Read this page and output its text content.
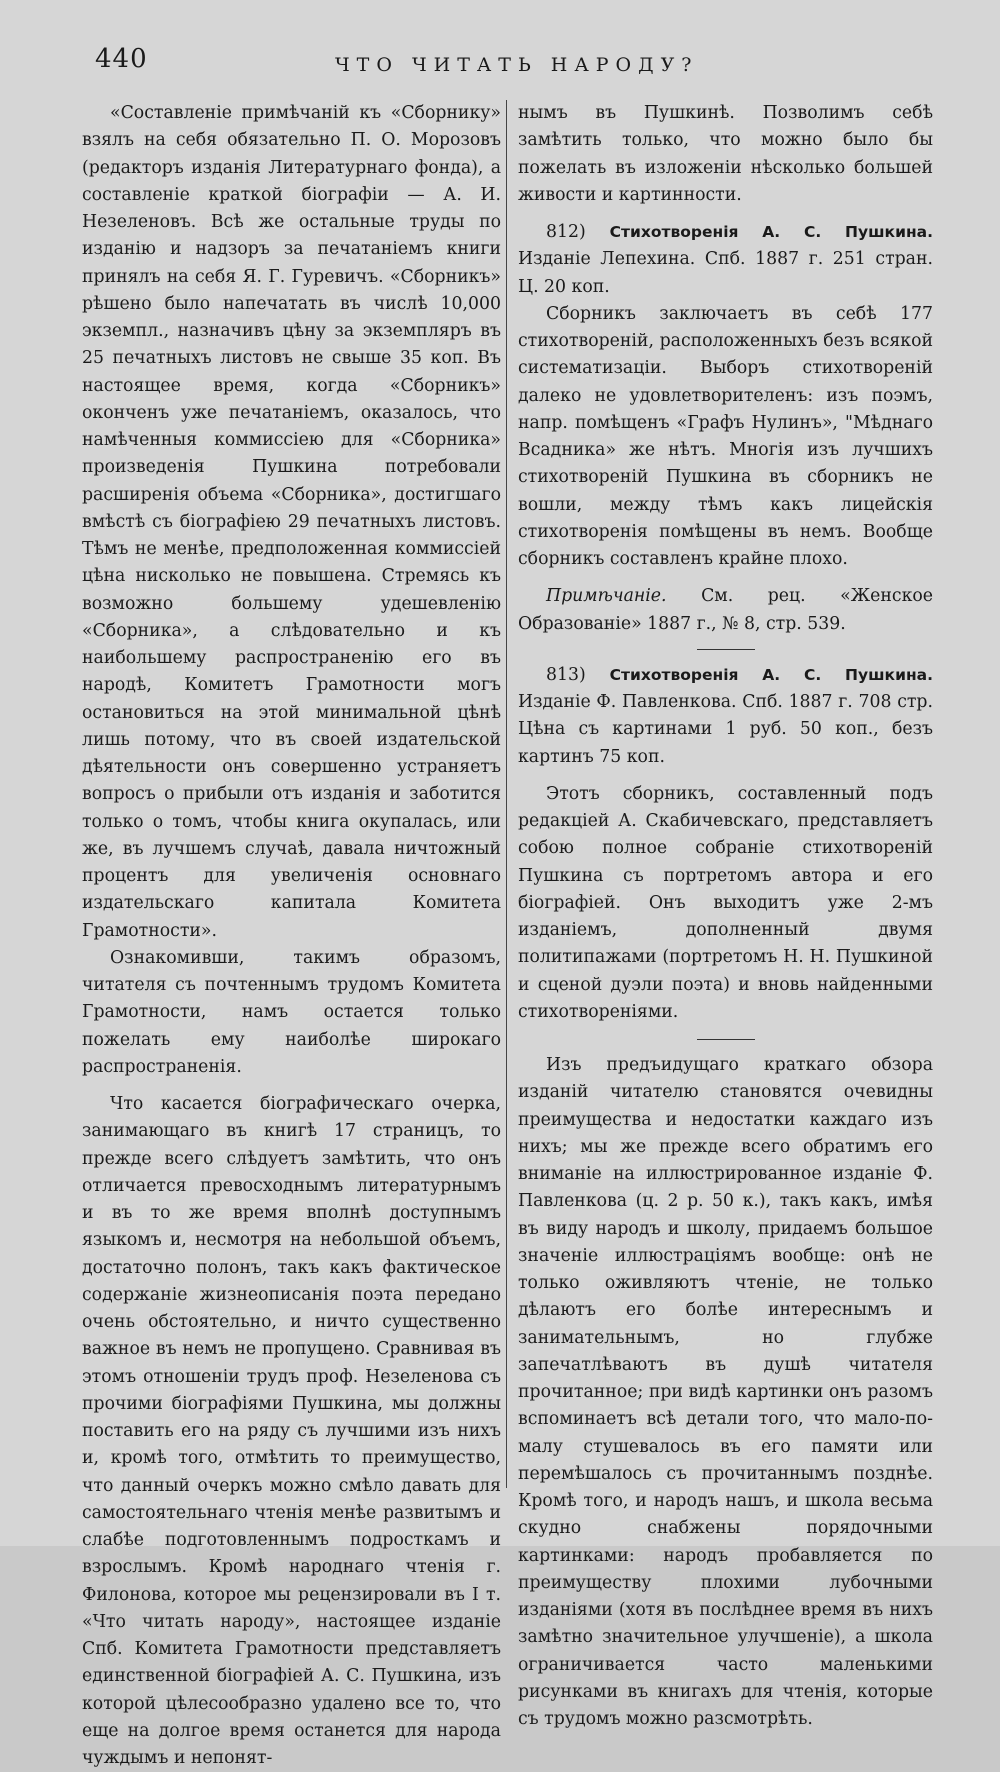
440	ЧТО ЧИТАТЬ НАРОДУ?

«Составленіе примѣчаній къ «Сборнику» взялъ на себя обязательно П. О. Морозовъ (редакторъ изданія Литературнаго фонда), а составленіе краткой біографіи — А. И. Незеленовъ. Всѣ же остальные труды по изданію и надзоръ за печатаніемъ книги принялъ на себя Я. Г. Гуревичъ. «Сборникъ» рѣшено было напечатать въ числѣ 10,000 экземпл., назначивъ цѣну за экземпляръ въ 25 печатныхъ листовъ не свыше 35 коп. Въ настоящее время, когда «Сборникъ» оконченъ уже печатаніемъ, оказалось, что намѣченныя коммиссіею для «Сборника» произведенія Пушкина потребовали расширенія объема «Сборника», достигшаго вмѣстѣ съ біографіею 29 печатныхъ листовъ. Тѣмъ не менѣе, предположенная коммиссіей цѣна нисколько не повышена. Стремясь къ возможно большему удешевленію «Сборника», а слѣдовательно и къ наибольшему распространенію его въ народѣ, Комитетъ Грамотности могъ остановиться на этой минимальной цѣнѣ лишь потому, что въ своей издательской дѣятельности онъ совершенно устраняетъ вопросъ о прибыли отъ изданія и заботится только о томъ, чтобы книга окупалась, или же, въ лучшемъ случаѣ, давала ничтожный процентъ для увеличенія основнаго издательскаго капитала Комитета Грамотности».

Ознакомивши, такимъ образомъ, читателя съ почтеннымъ трудомъ Комитета Грамотности, намъ остается только пожелать ему наиболѣе широкаго распространенія.

Что касается біографическаго очерка, занимающаго въ книгѣ 17 страницъ, то прежде всего слѣдуетъ замѣтить, что онъ отличается превосходнымъ литературнымъ и въ то же время вполнѣ доступнымъ языкомъ и, несмотря на небольшой объемъ, достаточно полонъ, такъ какъ фактическое содержаніе жизнеописанія поэта передано очень обстоятельно, и ничто существенно важное въ немъ не пропущено. Сравнивая въ этомъ отношеніи трудъ проф. Незеленова съ прочими біографіями Пушкина, мы должны поставить его на ряду съ лучшими изъ нихъ и, кромѣ того, отмѣтить то преимущество, что данный очеркъ можно смѣло давать для самостоятельнаго чтенія менѣе развитымъ и слабѣе подготовленнымъ подросткамъ и взрослымъ. Кромѣ народнаго чтенія г. Филонова, которое мы рецензировали въ I т. «Что читать народу», настоящее изданіе Спб. Комитета Грамотности представляетъ единственной біографіей А. С. Пушкина, изъ которой цѣлесообразно удалено все то, что еще на долгое время останется для народа чуждымъ и непонят-

нымъ въ Пушкинѣ. Позволимъ себѣ замѣтить только, что можно было бы пожелать въ изложеніи нѣсколько большей живости и картинности.

812) Стихотворенія А. С. Пушкина. Изданіе Лепехина. Спб. 1887 г. 251 стран. Ц. 20 коп.

Сборникъ заключаетъ въ себѣ 177 стихотвореній, расположенныхъ безъ всякой систематизаціи. Выборъ стихотвореній далеко не удовлетворителенъ: изъ поэмъ, напр. помѣщенъ «Графъ Нулинъ», "Мѣднаго Всадника» же нѣтъ. Многія изъ лучшихъ стихотвореній Пушкина въ сборникъ не вошли, между тѣмъ какъ лицейскія стихотворенія помѣщены въ немъ. Вообще сборникъ составленъ крайне плохо.

Примѣчаніе. См. рец. «Женское Образованіе» 1887 г., № 8, стр. 539.

813) Стихотворенія А. С. Пушкина. Изданіе Ф. Павленкова. Спб. 1887 г. 708 стр. Цѣна съ картинами 1 руб. 50 коп., безъ картинъ 75 коп.

Этотъ сборникъ, составленный подъ редакціей А. Скабичевскаго, представляетъ собою полное собраніе стихотвореній Пушкина съ портретомъ автора и его біографіей. Онъ выходитъ уже 2-мъ изданіемъ, дополненный двумя политипажами (портретомъ Н. Н. Пушкиной и сценой дуэли поэта) и вновь найденными стихотвореніями.

Изъ предъидущаго краткаго обзора изданій читателю становятся очевидны преимущества и недостатки каждаго изъ нихъ; мы же прежде всего обратимъ его вниманіе на иллюстрированное изданіе Ф. Павленкова (ц. 2 р. 50 к.), такъ какъ, имѣя въ виду народъ и школу, придаемъ большое значеніе иллюстраціямъ вообще: онѣ не только оживляютъ чтеніе, не только дѣлаютъ его болѣе интереснымъ и занимательнымъ, но глубже запечатлѣваютъ въ душѣ читателя прочитанное; при видѣ картинки онъ разомъ вспоминаетъ всѣ детали того, что мало-по-малу стушевалось въ его памяти или перемѣшалось съ прочитаннымъ позднѣе. Кромѣ того, и народъ нашъ, и школа весьма скудно снабжены порядочными картинками: народъ пробавляется по преимуществу плохими лубочными изданіями (хотя въ послѣднее время въ нихъ замѣтно значительное улучшеніе), а школа ограничивается часто маленькими рисунками въ книгахъ для чтенія, которые съ трудомъ можно разсмотрѣть.
